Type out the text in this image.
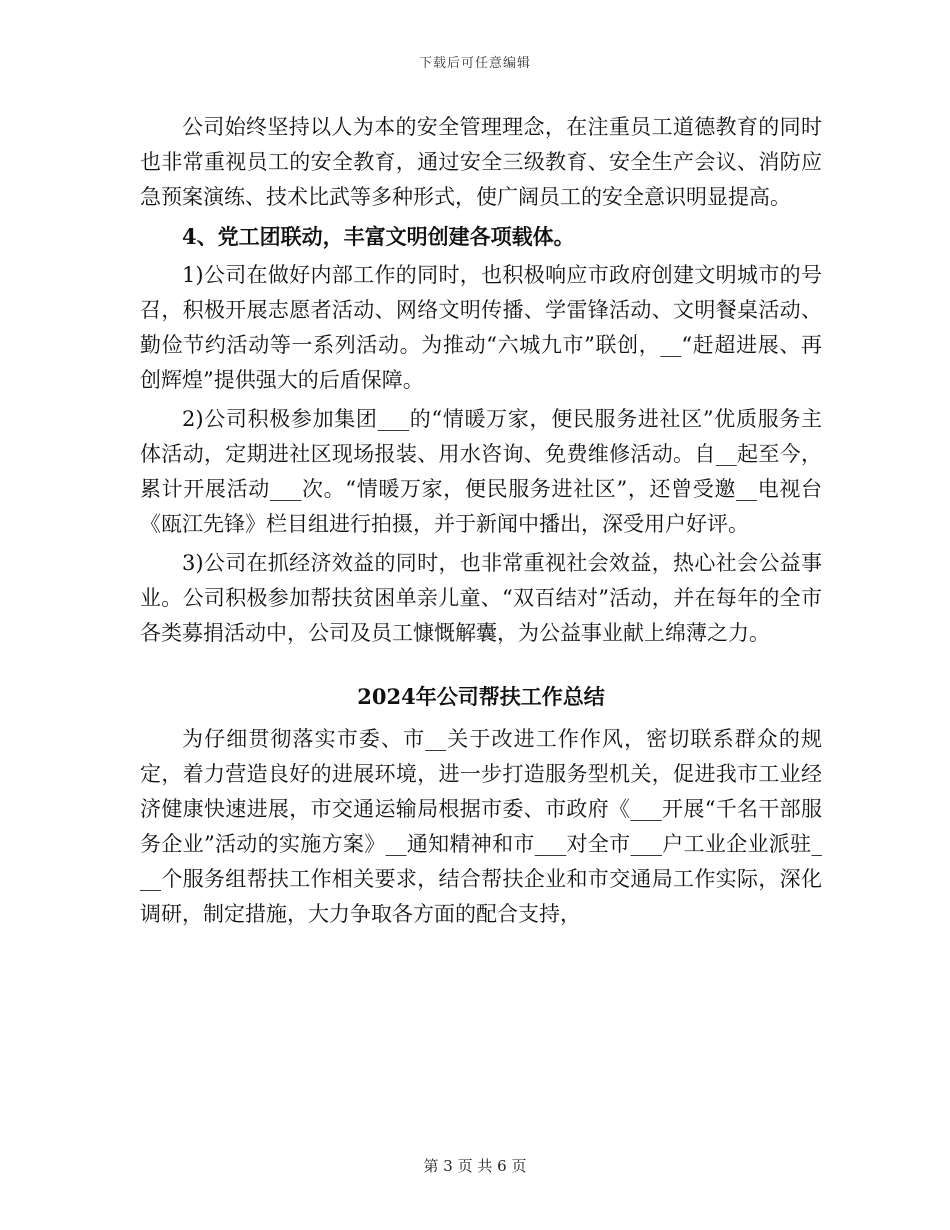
下载后可任意编辑

公司始终坚持以人为本的安全管理理念，在注重员工道德教育的同时也非常重视员工的安全教育，通过安全三级教育、安全生产会议、消防应急预案演练、技术比武等多种形式，使广阔员工的安全意识明显提高。

4、党工团联动，丰富文明创建各项载体。

1)公司在做好内部工作的同时，也积极响应市政府创建文明城市的号召，积极开展志愿者活动、网络文明传播、学雷锋活动、文明餐桌活动、勤俭节约活动等一系列活动。为推动“六城九市”联创，__“赶超进展、再创辉煌”提供强大的后盾保障。

2)公司积极参加集团___的“情暖万家，便民服务进社区”优质服务主体活动，定期进社区现场报装、用水咨询、免费维修活动。自__起至今，累计开展活动___次。“情暖万家，便民服务进社区”，还曾受邀__电视台《瓯江先锋》栏目组进行拍摄，并于新闻中播出，深受用户好评。

3)公司在抓经济效益的同时，也非常重视社会效益，热心社会公益事业。公司积极参加帮扶贫困单亲儿童、“双百结对”活动，并在每年的全市各类募捐活动中，公司及员工慷慨解囊，为公益事业献上绵薄之力。

2024年公司帮扶工作总结

为仔细贯彻落实市委、市__关于改进工作作风，密切联系群众的规定，着力营造良好的进展环境，进一步打造服务型机关，促进我市工业经济健康快速进展，市交通运输局根据市委、市政府《___开展“千名干部服务企业”活动的实施方案》__通知精神和市___对全市___户工业企业派驻___个服务组帮扶工作相关要求，结合帮扶企业和市交通局工作实际，深化调研，制定措施，大力争取各方面的配合支持，

第 3 页 共 6 页
